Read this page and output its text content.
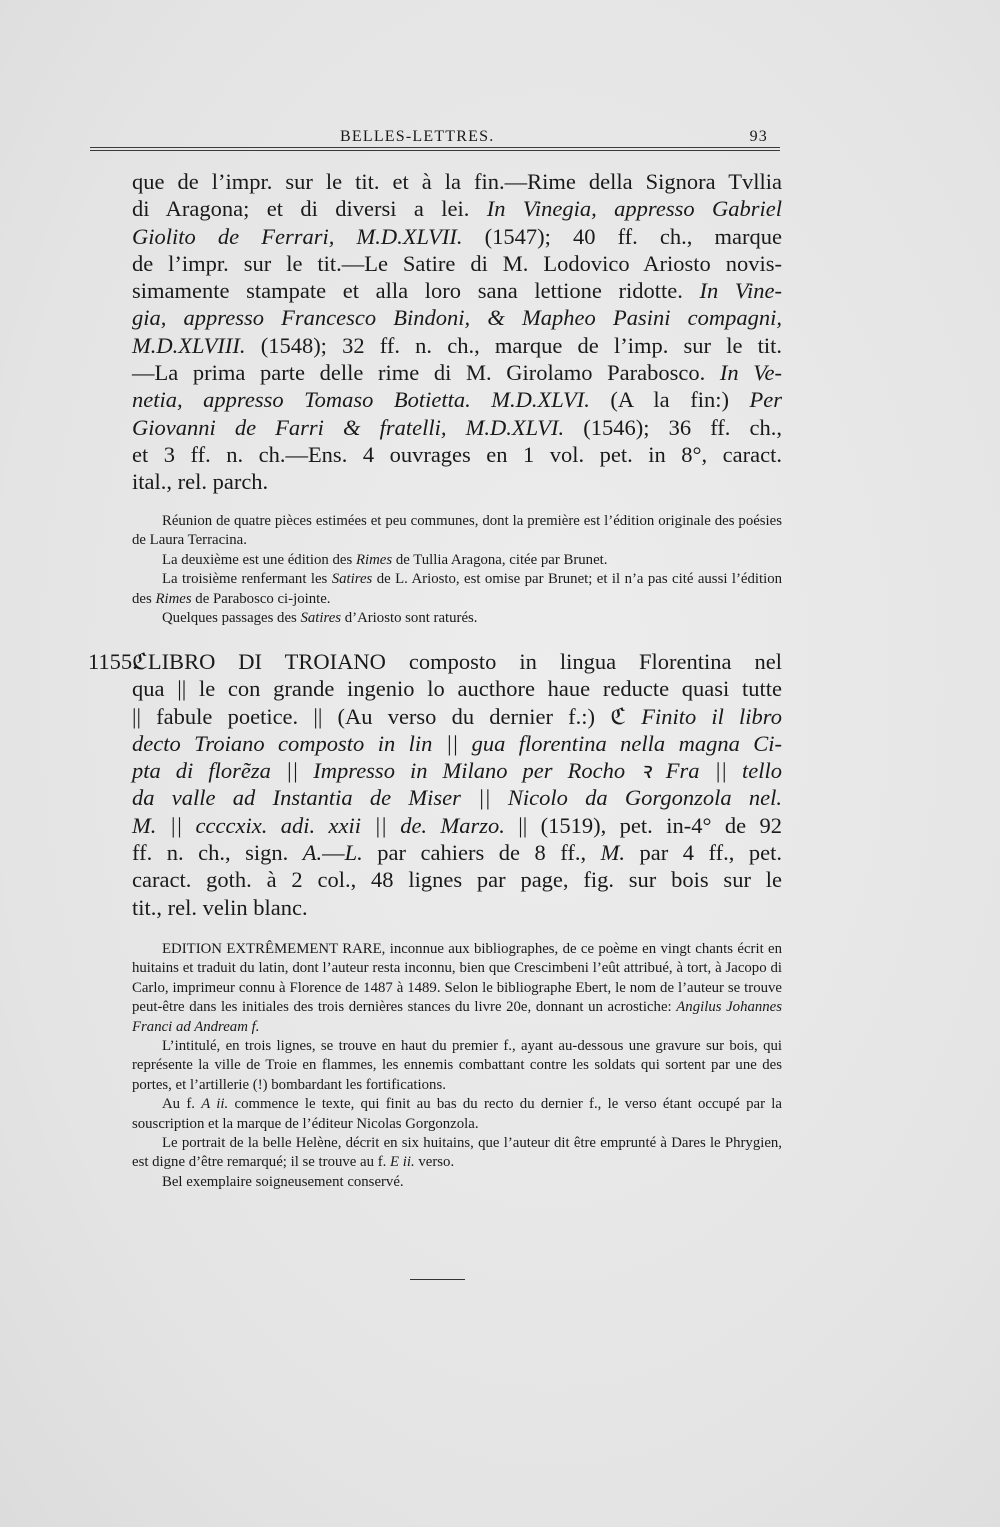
BELLES-LETTRES.	93

que de l’impr. sur le tit. et à la fin.—Rime della Signora Tvllia

di Aragona; et di diversi a lei. In Vinegia, appresso Gabriel

Giolito de Ferrari, M.D.XLVII. (1547); 40 ff. ch., marque

de l’impr. sur le tit.—Le Satire di M. Lodovico Ariosto novis-

simamente stampate et alla loro sana lettione ridotte. In Vine-

gia, appresso Francesco Bindoni, & Mapheo Pasini compagni,

M.D.XLVIII. (1548); 32 ff. n. ch., marque de l’imp. sur le tit.

—La prima parte delle rime di M. Girolamo Parabosco. In Ve-

netia, appresso Tomaso Botietta. M.D.XLVI. (A la fin:) Per

Giovanni de Farri & fratelli, M.D.XLVI. (1546); 36 ff. ch.,

et 3 ff. n. ch.—Ens. 4 ouvrages en 1 vol. pet. in 8°, caract.

ital., rel. parch.

Réunion de quatre pièces estimées et peu communes, dont la première est l’édition originale des poésies de Laura Terracina.

La deuxième est une édition des Rimes de Tullia Aragona, citée par Brunet.

La troisième renfermant les Satires de L. Ariosto, est omise par Brunet; et il n’a pas cité aussi l’édition des Rimes de Parabosco ci-jointe.

Quelques passages des Satires d’Ariosto sont raturés.

1155.

ℭLIBRO DI TROIANO composto in lingua Florentina nel

qua || le con grande ingenio lo aucthore haue reducte quasi tutte

|| fabule poetice. || (Au verso du dernier f.:) ℭ Finito il libro

decto Troiano composto in lin || gua florentina nella magna Ci-

pta di florẽza || Impresso in Milano per Rocho ꝛ Fra || tello

da valle ad Instantia de Miser || Nicolo da Gorgonzola nel.

M. || ccccxix. adi. xxii || de. Marzo. || (1519), pet. in-4° de 92

ff. n. ch., sign. A.—L. par cahiers de 8 ff., M. par 4 ff., pet.

caract. goth. à 2 col., 48 lignes par page, fig. sur bois sur le

tit., rel. velin blanc.

EDITION EXTRÊMEMENT RARE, inconnue aux bibliographes, de ce poème en vingt chants écrit en huitains et traduit du latin, dont l’auteur resta inconnu, bien que Crescimbeni l’eût attribué, à tort, à Jacopo di Carlo, imprimeur connu à Florence de 1487 à 1489. Selon le bibliographe Ebert, le nom de l’auteur se trouve peut-être dans les initiales des trois dernières stances du livre 20e, donnant un acrostiche: Angilus Johannes Franci ad Andream f.

L’intitulé, en trois lignes, se trouve en haut du premier f., ayant au-dessous une gravure sur bois, qui représente la ville de Troie en flammes, les ennemis combattant contre les soldats qui sortent par une des portes, et l’artillerie (!) bombardant les fortifications.

Au f. A ii. commence le texte, qui finit au bas du recto du dernier f., le verso étant occupé par la souscription et la marque de l’éditeur Nicolas Gorgonzola.

Le portrait de la belle Helène, décrit en six huitains, que l’auteur dit être emprunté à Dares le Phrygien, est digne d’être remarqué; il se trouve au f. E ii. verso.

Bel exemplaire soigneusement conservé.
